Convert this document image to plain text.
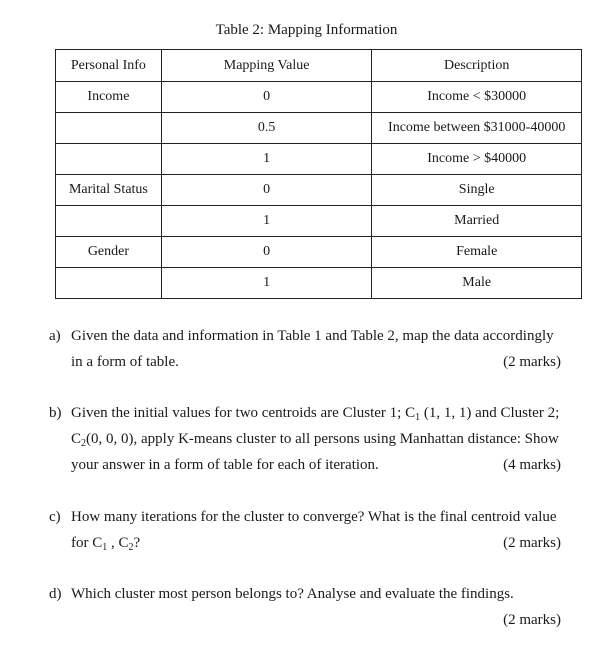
Table 2: Mapping Information
Personal Info	Mapping Value	Description
Income	0	Income < $30000
	0.5	Income between $31000-40000
	1	Income > $40000
Marital Status	0	Single
	1	Married
Gender	0	Female
	1	Male
a) Given the data and information in Table 1 and Table 2, map the data accordingly
in a form of table.	(2 marks)
b) Given the initial values for two centroids are Cluster 1; $C_1$ (1, 1, 1) and Cluster 2;
$C_2(0$, 0, 0), apply K-means cluster to all persons using Manhattan distance: Show
your answer in a form of table for each of iteration.	(4 marks)
c) How many iterations for the cluster to converge? What is the final centroid value
for $C_1$ , $C_2$?	(2 marks)
d) Which cluster most person belongs to? Analyse and evaluate the findings.
(2 marks)
